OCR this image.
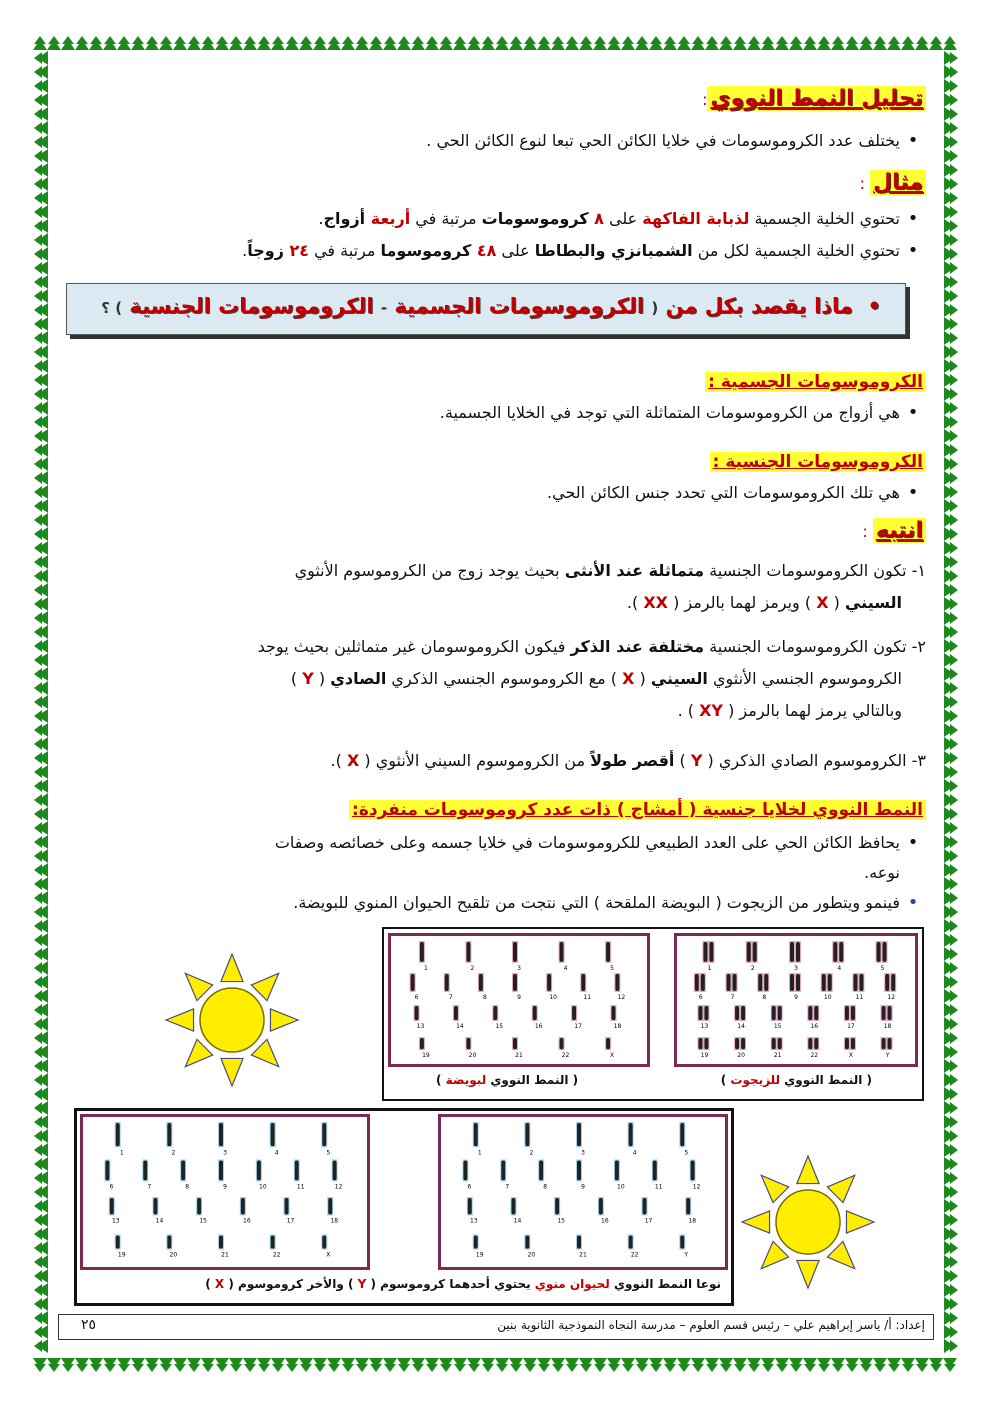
تحليل النمط النووي:
•يختلف عدد الكروموسومات في خلايا الكائن الحي تبعا لنوع الكائن الحي .
مثال :
•تحتوي الخلية الجسمية لذبابة الفاكهة على ٨ كروموسومات مرتبة في أربعة أزواج.
•تحتوي الخلية الجسمية لكل من الشمبانزي والبطاطا على ٤٨ كروموسوما مرتبة في ٢٤ زوجاً.
•  ماذا يقصد بكل من ( الكروموسومات الجسمية - الكروموسومات الجنسية ) ؟
الكروموسومات الجسمية :
•هي أزواج من الكروموسومات المتماثلة التي توجد في الخلايا الجسمية.
الكروموسومات الجنسية :
•هي تلك الكروموسومات التي تحدد جنس الكائن الحي.
انتبه :
١- تكون الكروموسومات الجنسية متماثلة عند الأنثى بحيث يوجد زوج من الكروموسوم الأنثوي
السيني ( X ) ويرمز لهما بالرمز ( XX ).
٢- تكون الكروموسومات الجنسية مختلفة عند الذكر فيكون الكروموسومان غير متماثلين بحيث يوجد
الكروموسوم الجنسي الأنثوي السيني ( X ) مع الكروموسوم الجنسي الذكري الصادي ( Y )
وبالتالي يرمز لهما بالرمز ( XY ) .
٣- الكروموسوم الصادي الذكري ( Y ) أقصر طولاً من الكروموسوم السيني الأنثوي ( X ).
النمط النووي لخلايا جنسية ( أمشاج ) ذات عدد كروموسومات منفردة:
•يحافظ الكائن الحي على العدد الطبيعي للكروموسومات في خلايا جسمه وعلى خصائصه وصفات
نوعه.
•فينمو ويتطور من الزيجوت ( البويضة الملقحة ) التي نتجت من تلقيح الحيوان المنوي للبويضة.
1	2	3	4	5
6	7	8	9	10	11	12
13	14	15	16	17	18
19	20	21	22	X	Y
1	2	3	4	5
6	7	8	9	10	11	12
13	14	15	16	17	18
19	20	21	22	X
( النمط النووي للزيجوت )
( النمط النووي لبويضة )
1	2	3	4	5
6	7	8	9	10	11	12
13	14	15	16	17	18
19	20	21	22	X
1	2	3	4	5
6	7	8	9	10	11	12
13	14	15	16	17	18
19	20	21	22	Y
نوعا النمط النووي لحيوان منوي يحتوي أحدهما كروموسوم ( Y ) والأخر كروموسوم ( X )
إعداد: أ/ ياسر إبراهيم علي – رئيس قسم العلوم – مدرسة النجاه النموذجية الثانوية بنين
٢٥
